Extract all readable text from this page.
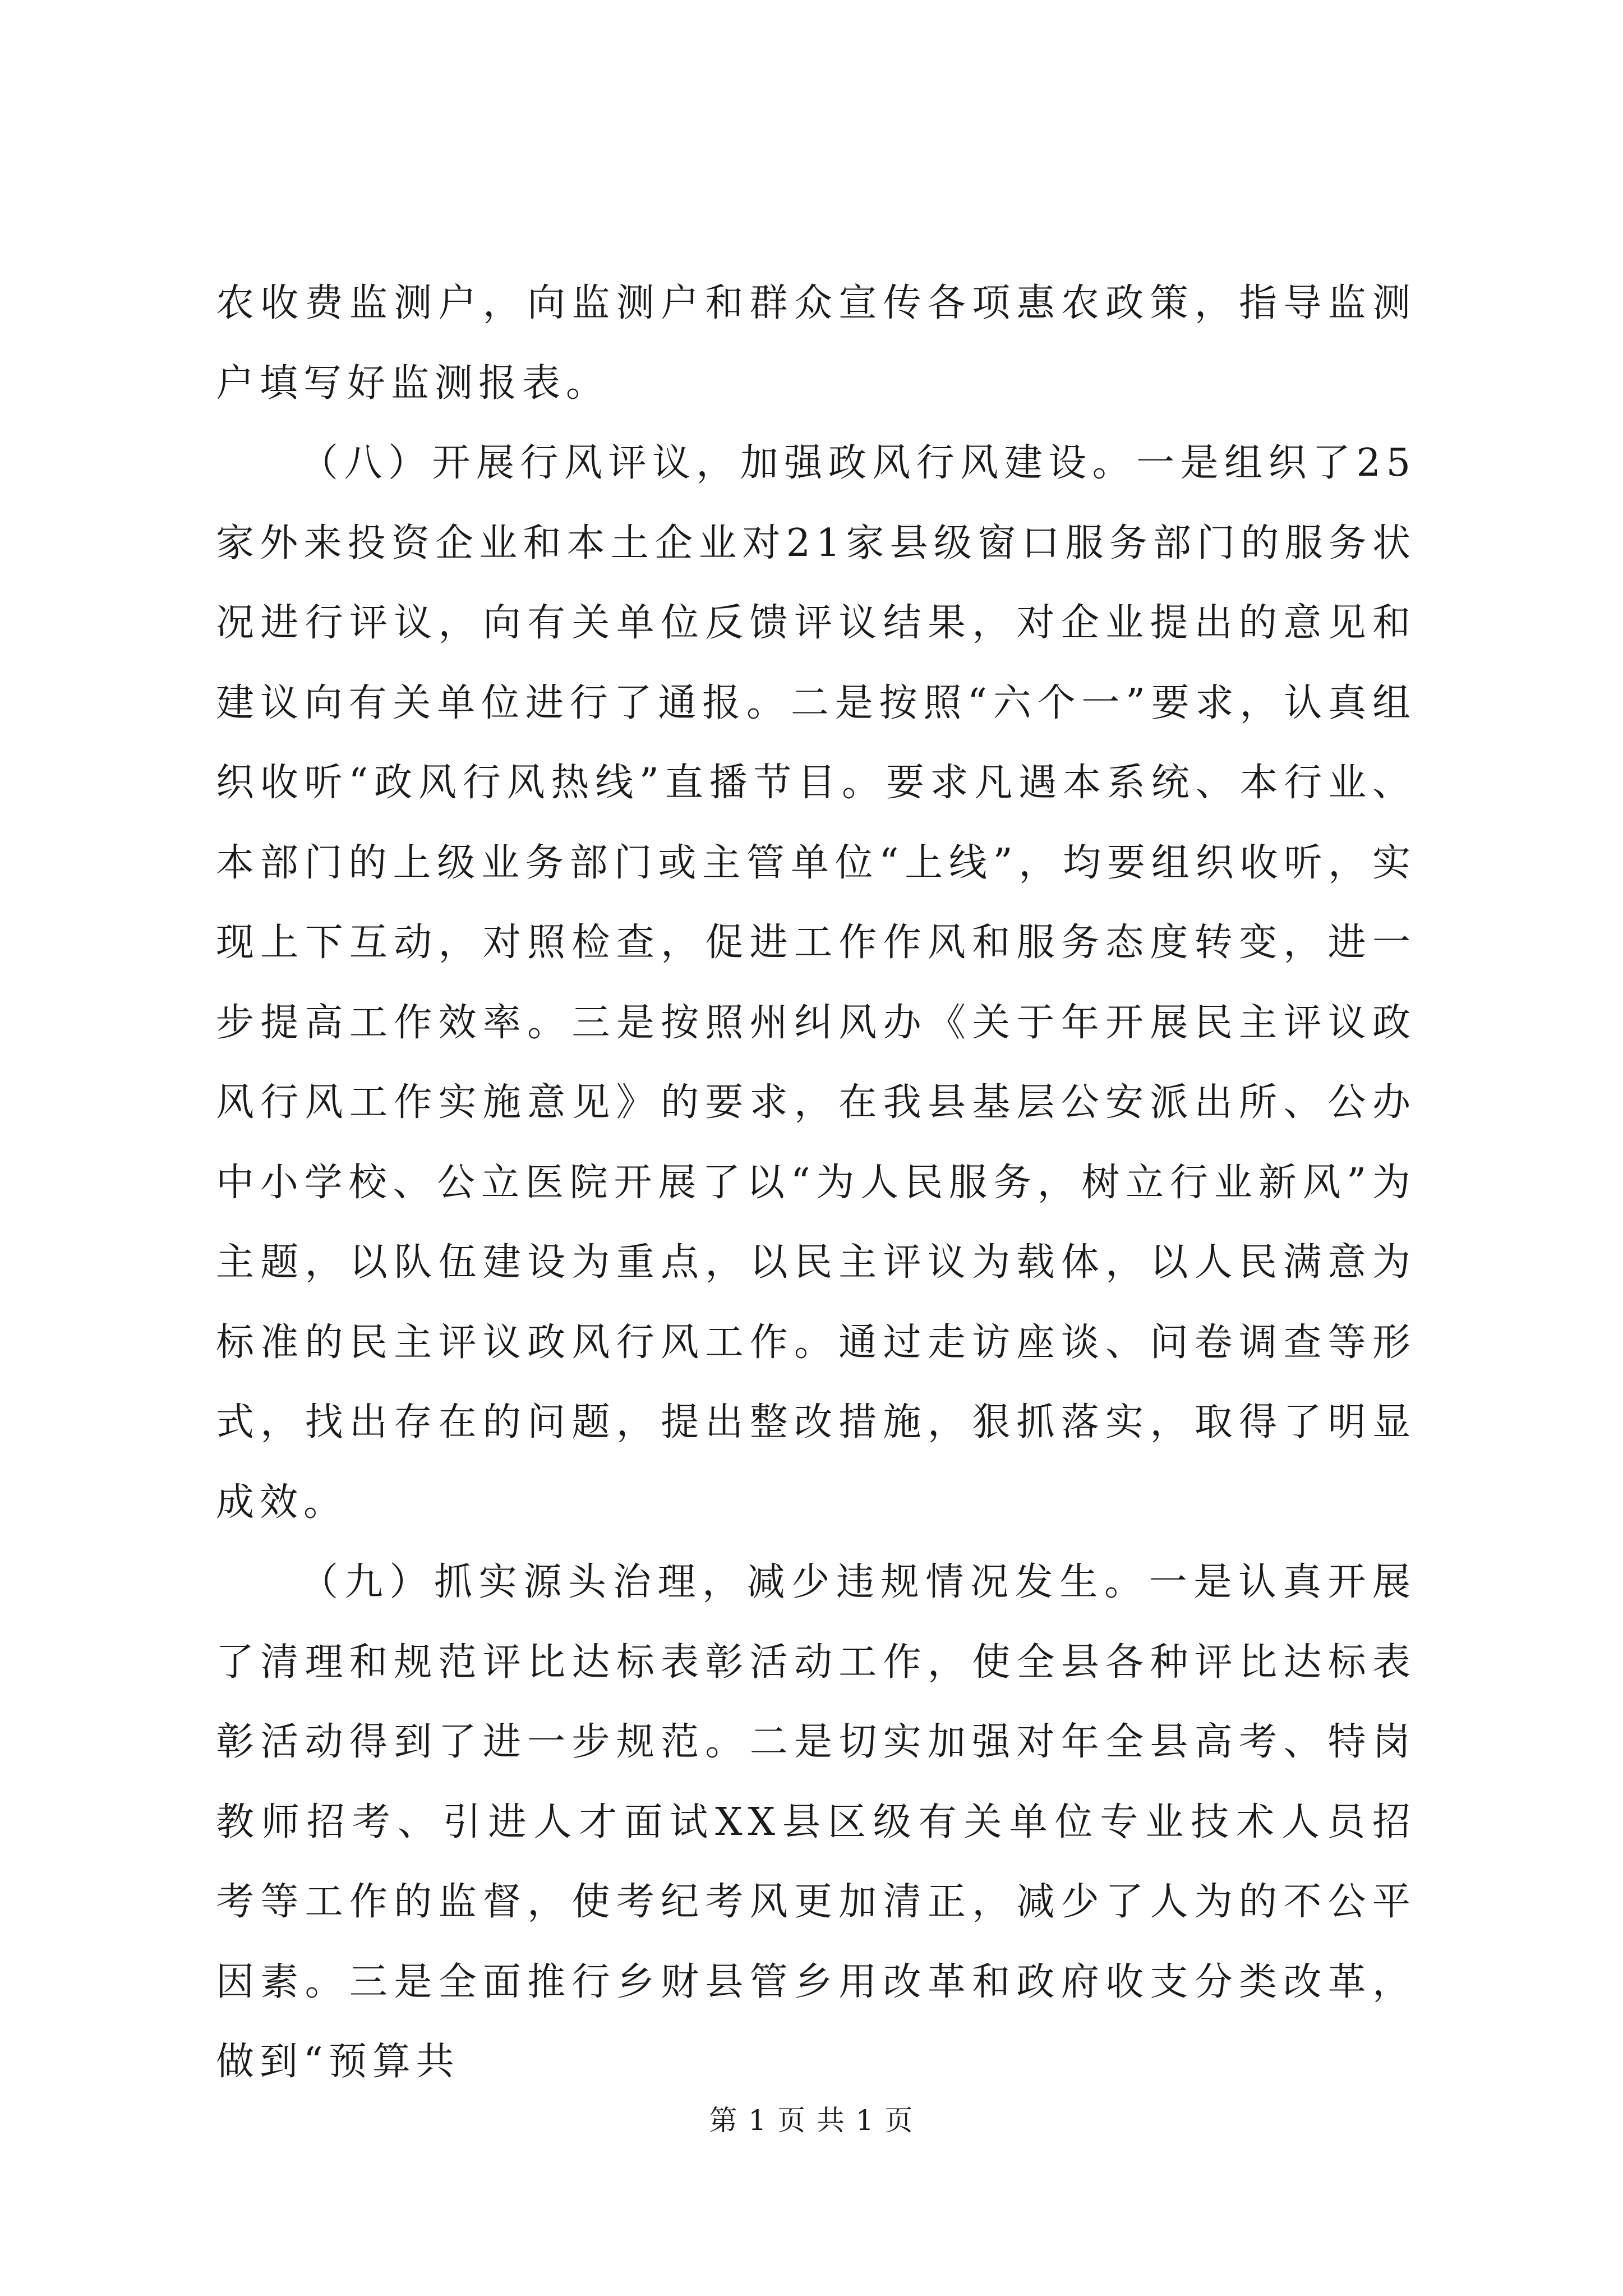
农收费监测户，向监测户和群众宣传各项惠农政策，指导监测户填写好监测报表。

（八）开展行风评议，加强政风行风建设。一是组织了25家外来投资企业和本土企业对21家县级窗口服务部门的服务状况进行评议，向有关单位反馈评议结果，对企业提出的意见和建议向有关单位进行了通报。二是按照“六个一”要求，认真组织收听“政风行风热线”直播节目。要求凡遇本系统、本行业、本部门的上级业务部门或主管单位“上线”，均要组织收听，实现上下互动，对照检查，促进工作作风和服务态度转变，进一步提高工作效率。三是按照州纠风办《关于年开展民主评议政风行风工作实施意见》的要求，在我县基层公安派出所、公办中小学校、公立医院开展了以“为人民服务，树立行业新风”为主题，以队伍建设为重点，以民主评议为载体，以人民满意为标准的民主评议政风行风工作。通过走访座谈、问卷调查等形式，找出存在的问题，提出整改措施，狠抓落实，取得了明显成效。

（九）抓实源头治理，减少违规情况发生。一是认真开展了清理和规范评比达标表彰活动工作，使全县各种评比达标表彰活动得到了进一步规范。二是切实加强对年全县高考、特岗教师招考、引进人才面试XX县区级有关单位专业技术人员招考等工作的监督，使考纪考风更加清正，减少了人为的不公平因素。三是全面推行乡财县管乡用改革和政府收支分类改革，做到“预算共

第 1 页 共 1 页
